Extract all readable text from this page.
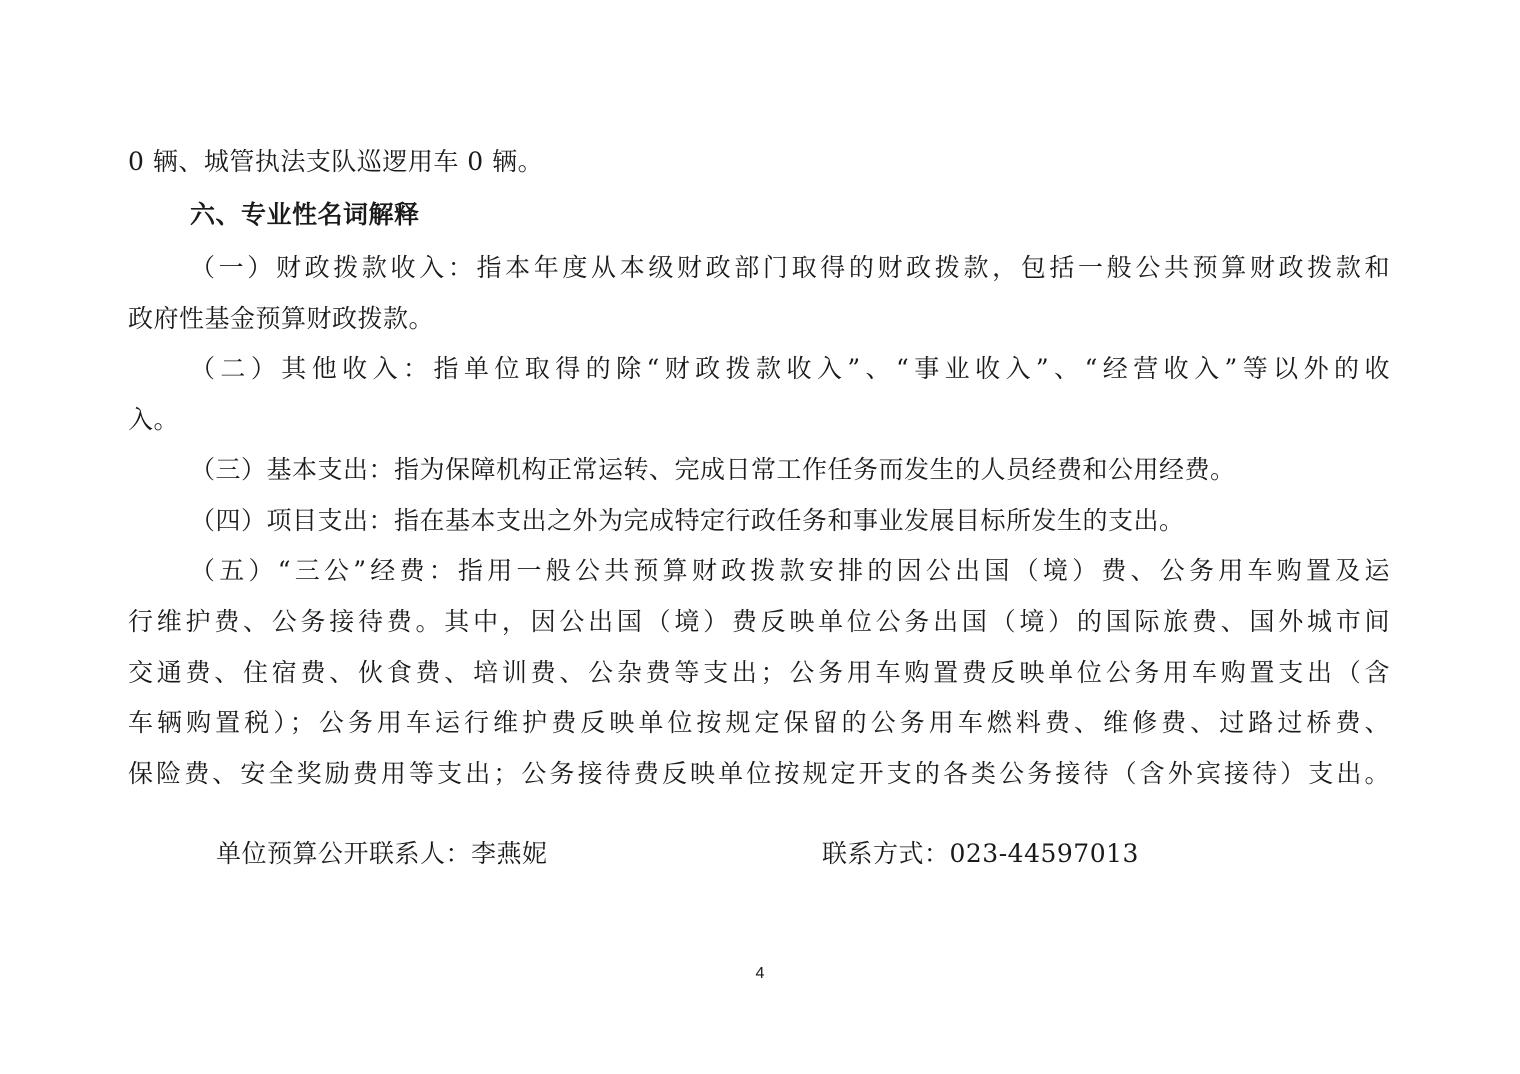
0 辆、城管执法支队巡逻用车 0 辆。
六、专业性名词解释
（一）财政拨款收入：指本年度从本级财政部门取得的财政拨款，包括一般公共预算财政拨款和
政府性基金预算财政拨款。
（二）其他收入：指单位取得的除“财政拨款收入”、“事业收入”、“经营收入”等以外的收
入。
（三）基本支出：指为保障机构正常运转、完成日常工作任务而发生的人员经费和公用经费。
（四）项目支出：指在基本支出之外为完成特定行政任务和事业发展目标所发生的支出。
（五）“三公”经费：指用一般公共预算财政拨款安排的因公出国（境）费、公务用车购置及运
行维护费、公务接待费。其中，因公出国（境）费反映单位公务出国（境）的国际旅费、国外城市间
交通费、住宿费、伙食费、培训费、公杂费等支出；公务用车购置费反映单位公务用车购置支出（含
车辆购置税）；公务用车运行维护费反映单位按规定保留的公务用车燃料费、维修费、过路过桥费、
保险费、安全奖励费用等支出；公务接待费反映单位按规定开支的各类公务接待（含外宾接待）支出。
单位预算公开联系人：李燕妮	联系方式：023-44597013
4
